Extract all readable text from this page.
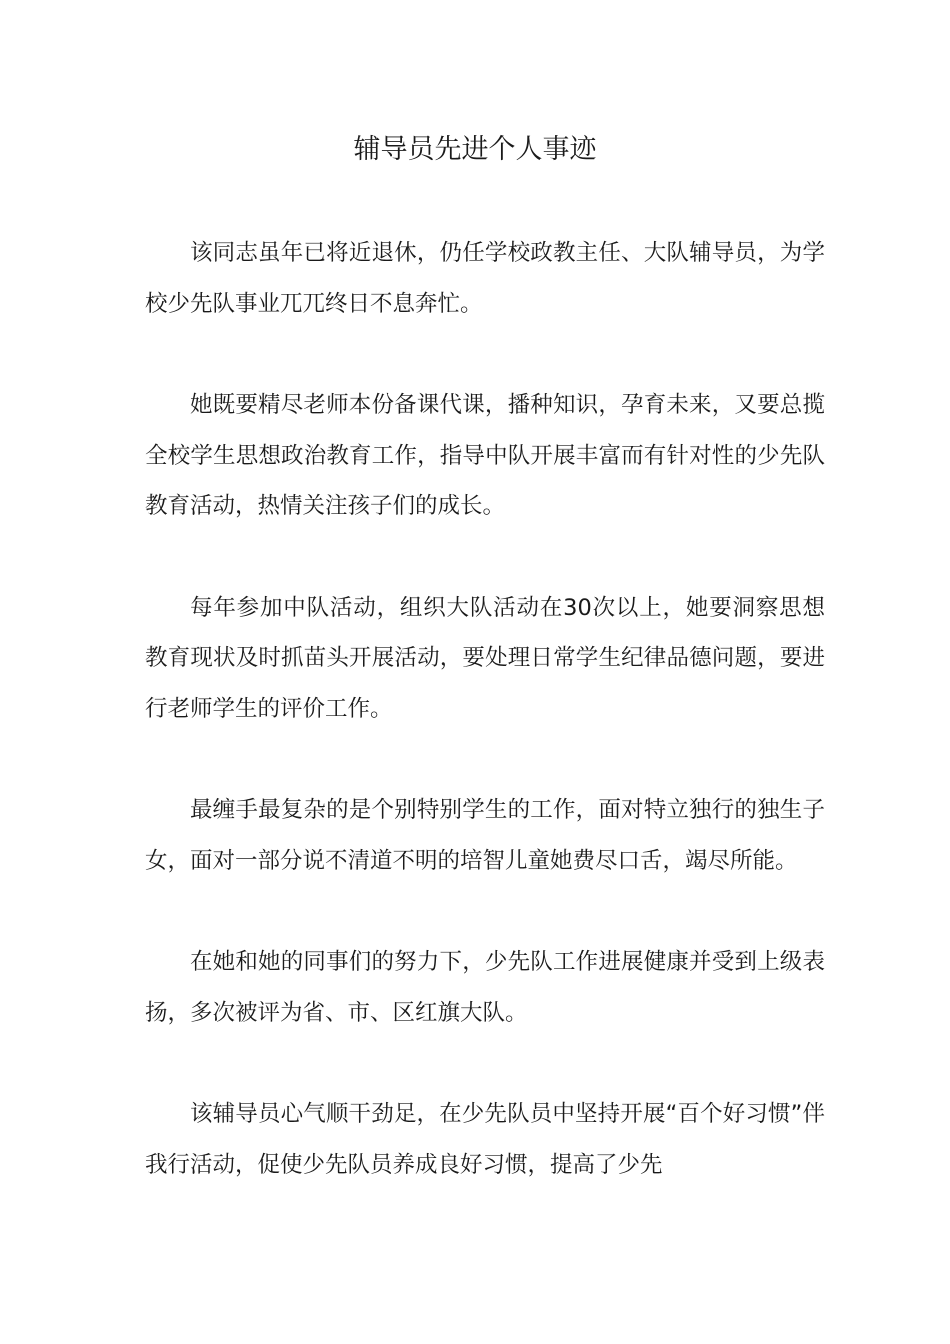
辅导员先进个人事迹

该同志虽年已将近退休，仍任学校政教主任、大队辅导员，为学校少先队事业兀兀终日不息奔忙。

她既要精尽老师本份备课代课，播种知识，孕育未来，又要总揽全校学生思想政治教育工作，指导中队开展丰富而有针对性的少先队教育活动，热情关注孩子们的成长。

每年参加中队活动，组织大队活动在30次以上，她要洞察思想教育现状及时抓苗头开展活动，要处理日常学生纪律品德问题，要进行老师学生的评价工作。

最缠手最复杂的是个别特别学生的工作，面对特立独行的独生子女，面对一部分说不清道不明的培智儿童她费尽口舌，竭尽所能。

在她和她的同事们的努力下，少先队工作进展健康并受到上级表扬，多次被评为省、市、区红旗大队。

该辅导员心气顺干劲足，在少先队员中坚持开展“百个好习惯”伴我行活动，促使少先队员养成良好习惯，提高了少先
